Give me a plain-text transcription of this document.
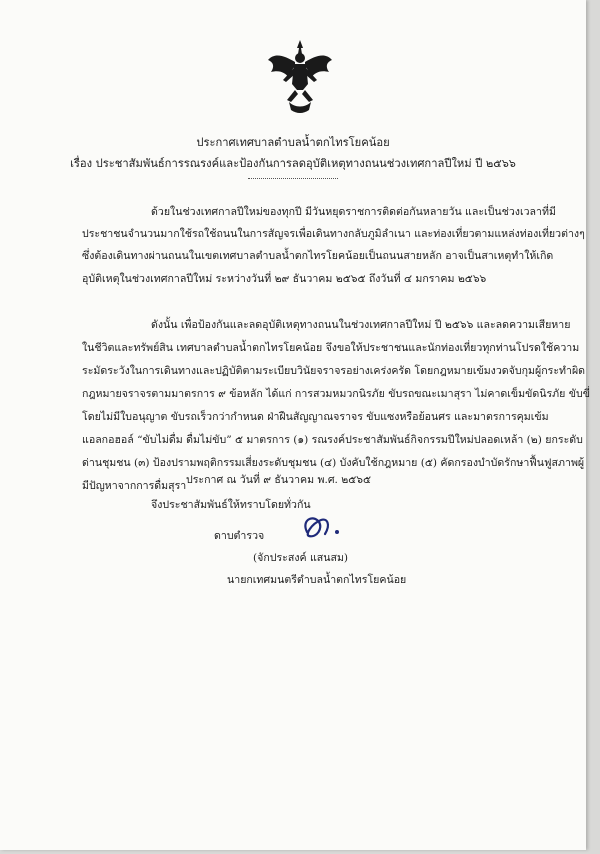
ประกาศเทศบาลตำบลน้ำตกไทรโยคน้อย
เรื่อง ประชาสัมพันธ์การรณรงค์และป้องกันการลดอุบัติเหตุทางถนนช่วงเทศกาลปีใหม่ ปี ๒๕๖๖
ด้วยในช่วงเทศกาลปีใหม่ของทุกปี มีวันหยุดราชการติดต่อกันหลายวัน และเป็นช่วงเวลาที่มี
ประชาชนจำนวนมากใช้รถใช้ถนนในการสัญจรเพื่อเดินทางกลับภูมิลำเนา และท่องเที่ยวตามแหล่งท่องเที่ยวต่างๆ
ซึ่งต้องเดินทางผ่านถนนในเขตเทศบาลตำบลน้ำตกไทรโยคน้อยเป็นถนนสายหลัก อาจเป็นสาเหตุทำให้เกิด
อุบัติเหตุในช่วงเทศกาลปีใหม่ ระหว่างวันที่ ๒๙ ธันวาคม ๒๕๖๕ ถึงวันที่ ๔ มกราคม ๒๕๖๖
ดังนั้น เพื่อป้องกันและลดอุบัติเหตุทางถนนในช่วงเทศกาลปีใหม่ ปี ๒๕๖๖ และลดความเสียหาย
ในชีวิตและทรัพย์สิน เทศบาลตำบลน้ำตกไทรโยคน้อย จึงขอให้ประชาชนและนักท่องเที่ยวทุกท่านโปรดใช้ความ
ระมัดระวังในการเดินทางและปฏิบัติตามระเบียบวินัยจราจรอย่างเคร่งครัด โดยกฎหมายเข้มงวดจับกุมผู้กระทำผิด
กฎหมายจราจรตามมาตรการ ๙ ข้อหลัก ได้แก่ การสวมหมวกนิรภัย ขับรถขณะเมาสุรา ไม่คาดเข็มขัดนิรภัย ขับขี่
โดยไม่มีใบอนุญาต ขับรถเร็วกว่ากำหนด ฝ่าฝืนสัญญาณจราจร ขับแซงหรือย้อนศร และมาตรการคุมเข้ม
แอลกอฮอล์ “ขับไม่ดื่ม ดื่มไม่ขับ” ๕ มาตรการ (๑) รณรงค์ประชาสัมพันธ์กิจกรรมปีใหม่ปลอดเหล้า (๒) ยกระดับ
ด่านชุมชน (๓) ป้องปรามพฤติกรรมเสี่ยงระดับชุมชน (๔) บังคับใช้กฎหมาย (๕) คัดกรองบำบัดรักษาฟื้นฟูสภาพผู้
มีปัญหาจากการดื่มสุรา
จึงประชาสัมพันธ์ให้ทราบโดยทั่วกัน
ประกาศ ณ วันที่ ๙ ธันวาคม พ.ศ. ๒๕๖๕
ดาบตำรวจ
(จักประสงค์ แสนสม)
นายกเทศมนตรีตำบลน้ำตกไทรโยคน้อย
